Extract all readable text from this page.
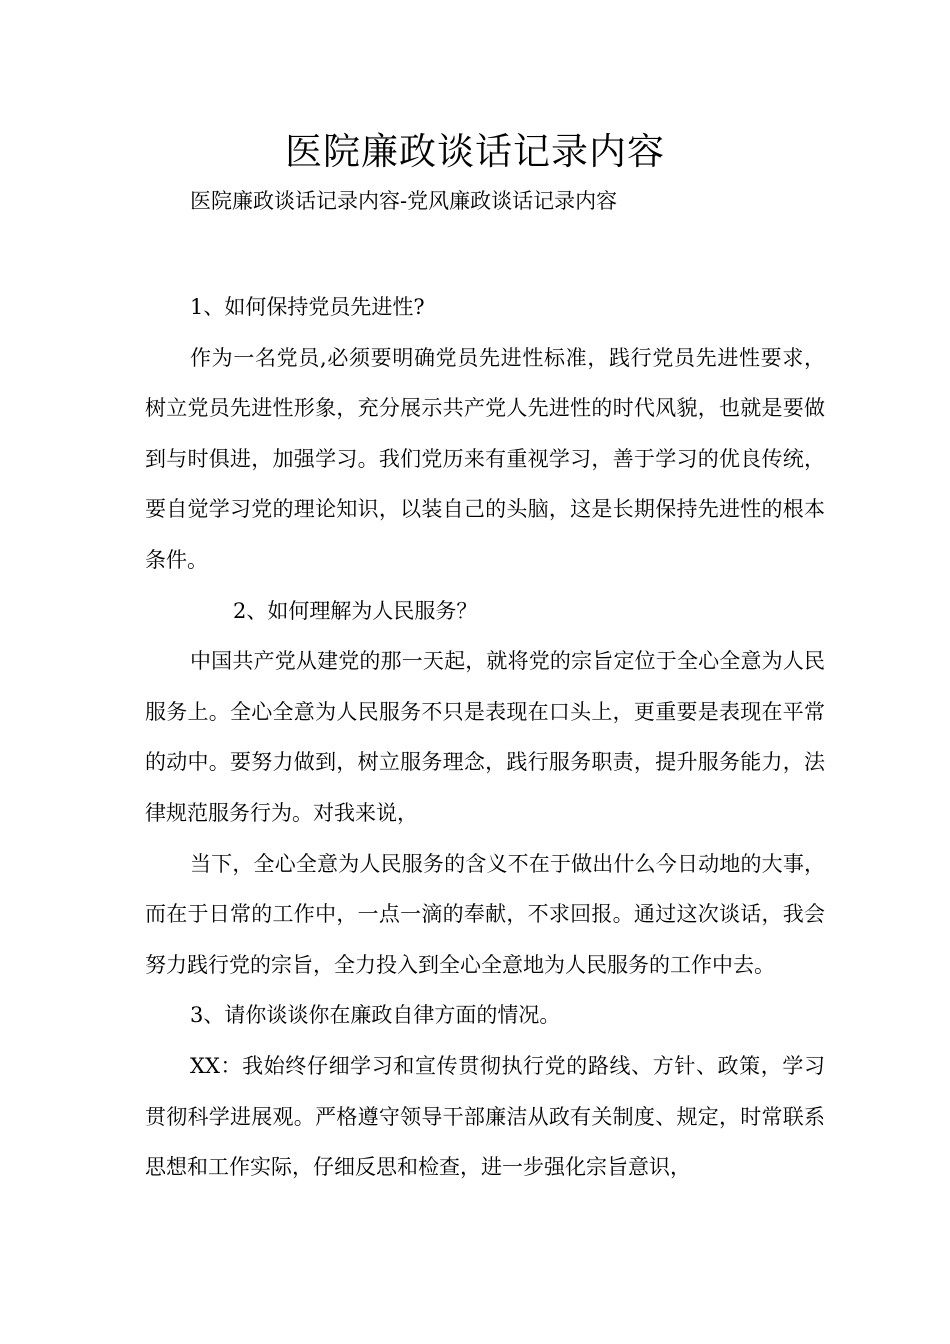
医院廉政谈话记录内容

医院廉政谈话记录内容-党风廉政谈话记录内容

1、如何保持党员先进性?

作为一名党员,必须要明确党员先进性标准，践行党员先进性要求，树立党员先进性形象，充分展示共产党人先进性的时代风貌，也就是要做到与时俱进，加强学习。我们党历来有重视学习，善于学习的优良传统，要自觉学习党的理论知识，以装自己的头脑，这是长期保持先进性的根本条件。

2、如何理解为人民服务？

中国共产党从建党的那一天起，就将党的宗旨定位于全心全意为人民服务上。全心全意为人民服务不只是表现在口头上，更重要是表现在平常的动中。要努力做到，树立服务理念，践行服务职责，提升服务能力，法律规范服务行为。对我来说，

当下，全心全意为人民服务的含义不在于做出什么今日动地的大事，而在于日常的工作中，一点一滴的奉献，不求回报。通过这次谈话，我会努力践行党的宗旨，全力投入到全心全意地为人民服务的工作中去。

3、请你谈谈你在廉政自律方面的情况。

XX：我始终仔细学习和宣传贯彻执行党的路线、方针、政策，学习贯彻科学进展观。严格遵守领导干部廉洁从政有关制度、规定，时常联系思想和工作实际，仔细反思和检查，进一步强化宗旨意识，
